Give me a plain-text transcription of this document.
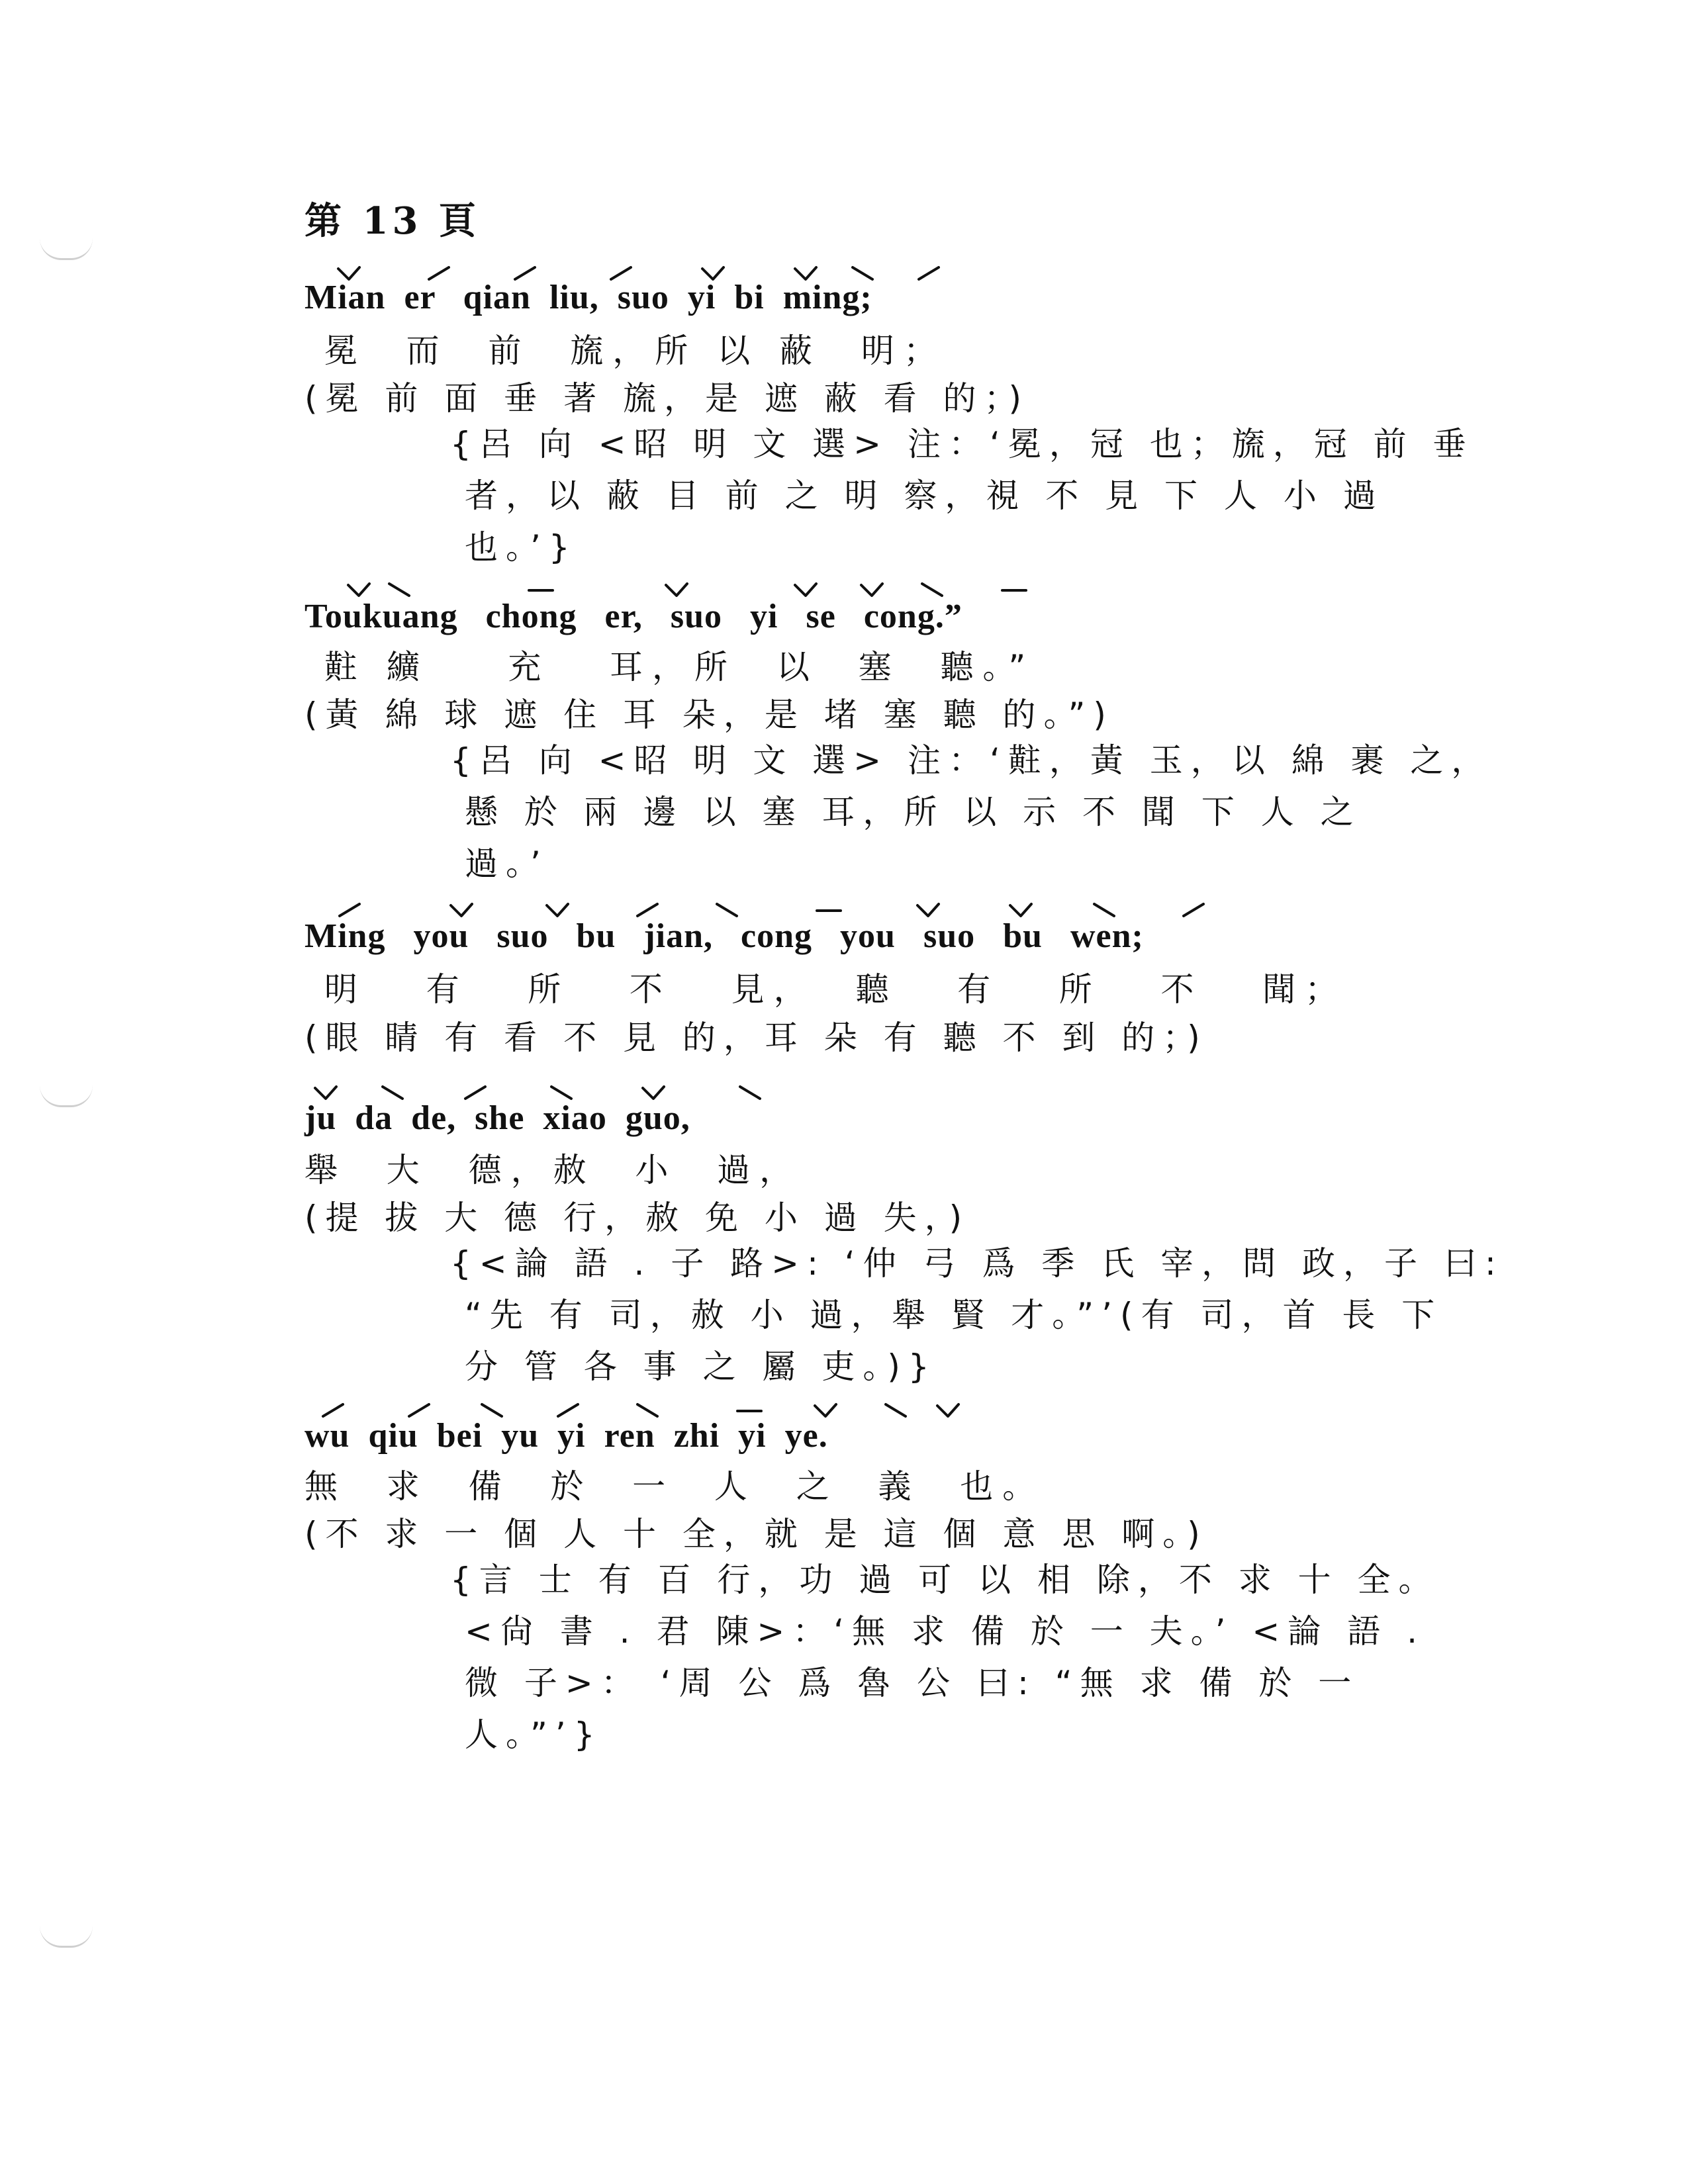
第 13 頁
Mian  er   qian  liu,  suo  yi  bi  ming;
冕  而  前  旒，所 以 蔽  明；
(冕 前 面 垂 著 旒，是 遮 蔽 看 的；)
{呂 向 <昭 明 文 選> 注：‘冕，冠 也；旒，冠 前 垂
者，以 蔽 目 前 之 明 察，視 不 見 下 人 小 過
也。’}
Toukuang   chong   er,   suo   yi   se   cong.”
黈 纊    充   耳，所  以  塞  聽。”
(黃 綿 球 遮 住 耳 朵，是 堵 塞 聽 的。”)
{呂 向 <昭 明 文 選> 注：‘黈，黃 玉，以 綿 裹 之，
懸 於 兩 邊 以 塞 耳，所 以 示 不 聞 下 人 之
過。’
Ming   you   suo   bu   jian,   cong   you   suo   bu   wen;
明   有   所   不   見，  聽   有   所   不   聞；
(眼 睛 有 看 不 見 的，耳 朵 有 聽 不 到 的；)
ju  da  de,  she  xiao  guo,
舉  大  德，赦  小  過，
(提 拔 大 德 行，赦 免 小 過 失，)
{<論 語 . 子 路>: ‘仲 弓 爲 季 氏 宰，問 政，子 曰:
“先 有 司，赦 小 過，舉 賢 才。”’(有 司，首 長 下
分 管 各 事 之 屬 吏。)}
wu  qiu  bei  yu  yi  ren  zhi  yi  ye.
無  求  備  於  一  人  之  義  也。
(不 求 一 個 人 十 全，就 是 這 個 意 思 啊。)
{言 士 有 百 行，功 過 可 以 相 除，不 求 十 全。
<尙 書 . 君 陳>：‘無 求 備 於 一 夫。’ <論 語 .
微 子>： ‘周 公 爲 魯 公 曰: “無 求 備 於 一
人。”’}
